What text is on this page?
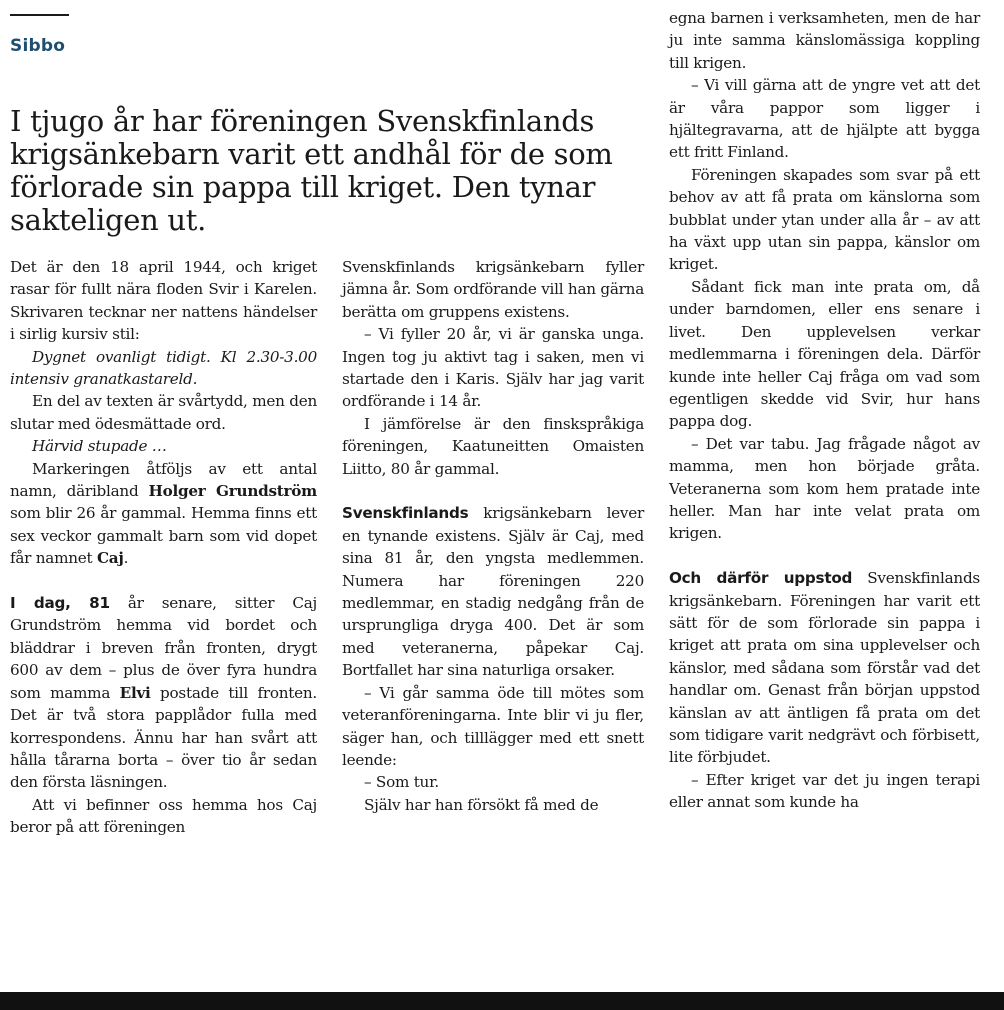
Sibbo
I tjugo år har föreningen Svenskfinlands krigsänkebarn varit ett andhål för de som förlorade sin pappa till kriget. Den tynar sakteligen ut.

Det är den 18 april 1944, och kriget rasar för fullt nära floden Svir i Karelen. Skrivaren tecknar ner nattens händelser i sirlig kursiv stil:

Dygnet ovanligt tidigt. Kl 2.30-3.00 intensiv granatkastareld.

En del av texten är svårtydd, men den slutar med ödesmättade ord.

Härvid stupade …

Markeringen åtföljs av ett antal namn, däribland Holger Grundström som blir 26 år gammal. Hemma finns ett sex veckor gammalt barn som vid dopet får namnet Caj.

I dag, 81 år senare, sitter Caj Grundström hemma vid bordet och bläddrar i breven från fronten, drygt 600 av dem – plus de över fyra hundra som mamma Elvi postade till fronten. Det är två stora papplådor fulla med korrespondens. Ännu har han svårt att hålla tårarna borta – över tio år sedan den första läsningen.

Att vi befinner oss hemma hos Caj beror på att föreningen

Svenskfinlands krigsänkebarn fyller jämna år. Som ordförande vill han gärna berätta om gruppens existens.

– Vi fyller 20 år, vi är ganska unga. Ingen tog ju aktivt tag i saken, men vi startade den i Karis. Själv har jag varit ordförande i 14 år.

I jämförelse är den finskspråkiga föreningen, Kaatuneitten Omaisten Liitto, 80 år gammal.

Svenskfinlands krigsänkebarn lever en tynande existens. Själv är Caj, med sina 81 år, den yngsta medlemmen. Numera har föreningen 220 medlemmar, en stadig nedgång från de ursprungliga dryga 400. Det är som med veteranerna, påpekar Caj. Bortfallet har sina naturliga orsaker.

– Vi går samma öde till mötes som veteranföreningarna. Inte blir vi ju fler, säger han, och tilllägger med ett snett leende:

– Som tur.

Själv har han försökt få med de

egna barnen i verksamheten, men de har ju inte samma känslomässiga koppling till krigen.

– Vi vill gärna att de yngre vet att det är våra pappor som ligger i hjältegravarna, att de hjälpte att bygga ett fritt Finland.

Föreningen skapades som svar på ett behov av att få prata om känslorna som bubblat under ytan under alla år – av att ha växt upp utan sin pappa, känslor om kriget.

Sådant fick man inte prata om, då under barndomen, eller ens senare i livet. Den upplevelsen verkar medlemmarna i föreningen dela. Därför kunde inte heller Caj fråga om vad som egentligen skedde vid Svir, hur hans pappa dog.

– Det var tabu. Jag frågade något av mamma, men hon började gråta. Veteranerna som kom hem pratade inte heller. Man har inte velat prata om krigen.

Och därför uppstod Svenskfinlands krigsänkebarn. Föreningen har varit ett sätt för de som förlorade sin pappa i kriget att prata om sina upplevelser och känslor, med sådana som förstår vad det handlar om. Genast från början uppstod känslan av att äntligen få prata om det som tidigare varit nedgrävt och förbisett, lite förbjudet.

– Efter kriget var det ju ingen terapi eller annat som kunde ha
